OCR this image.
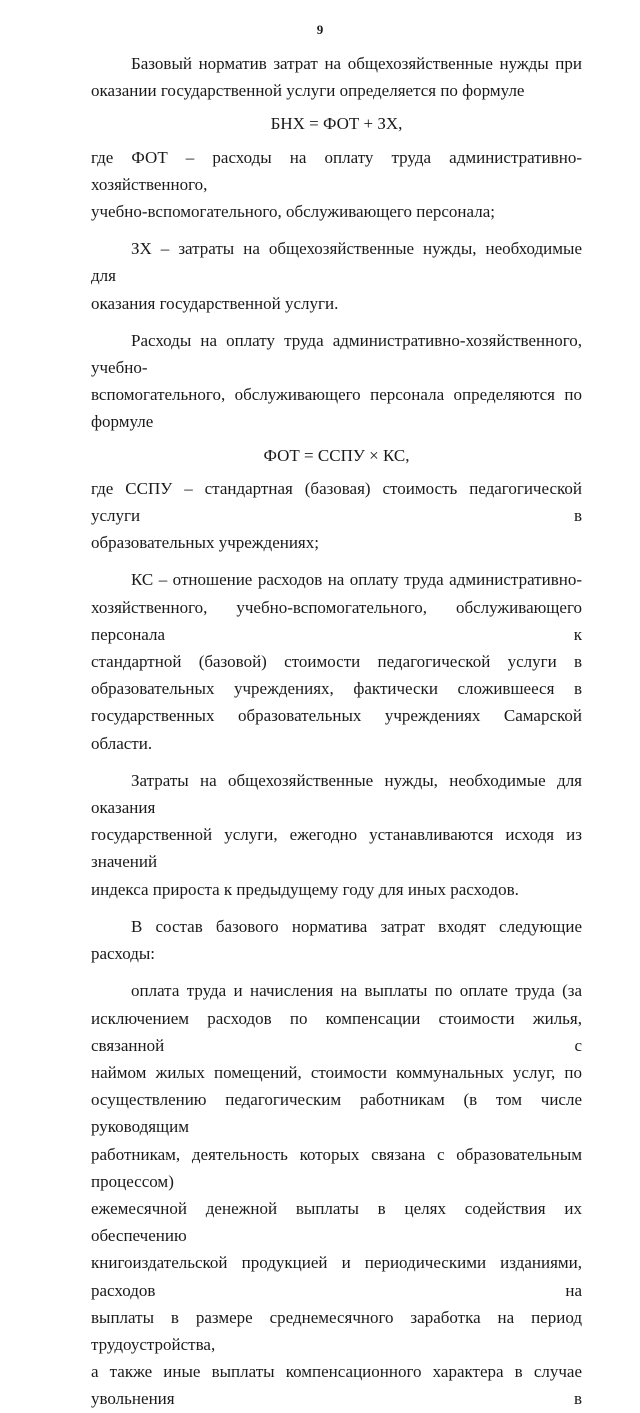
9
Базовый норматив затрат на общехозяйственные нужды при
оказании государственной услуги определяется по формуле
БНХ = ФОТ + ЗХ,
где ФОТ – расходы на оплату труда административно-хозяйственного,
учебно-вспомогательного, обслуживающего персонала;
ЗХ – затраты на общехозяйственные нужды, необходимые для
оказания государственной услуги.
Расходы на оплату труда административно-хозяйственного, учебно-
вспомогательного, обслуживающего персонала определяются по формуле
ФОТ = ССПУ × КС,
где ССПУ – стандартная (базовая) стоимость педагогической услуги в
образовательных учреждениях;
КС – отношение расходов на оплату труда административно-
хозяйственного, учебно-вспомогательного, обслуживающего персонала к
стандартной (базовой) стоимости педагогической услуги в
образовательных учреждениях, фактически сложившееся в
государственных образовательных учреждениях Самарской области.
Затраты на общехозяйственные нужды, необходимые для оказания
государственной услуги, ежегодно устанавливаются исходя из значений
индекса прироста к предыдущему году для иных расходов.
В состав базового норматива затрат входят следующие расходы:
оплата труда и начисления на выплаты по оплате труда (за
исключением расходов по компенсации стоимости жилья, связанной с
наймом жилых помещений, стоимости коммунальных услуг, по
осуществлению педагогическим работникам (в том числе руководящим
работникам, деятельность которых связана с образовательным процессом)
ежемесячной денежной выплаты в целях содействия их обеспечению
книгоиздательской продукцией и периодическими изданиями, расходов на
выплаты в размере среднемесячного заработка на период трудоустройства,
а также иные выплаты компенсационного характера в случае увольнения в
